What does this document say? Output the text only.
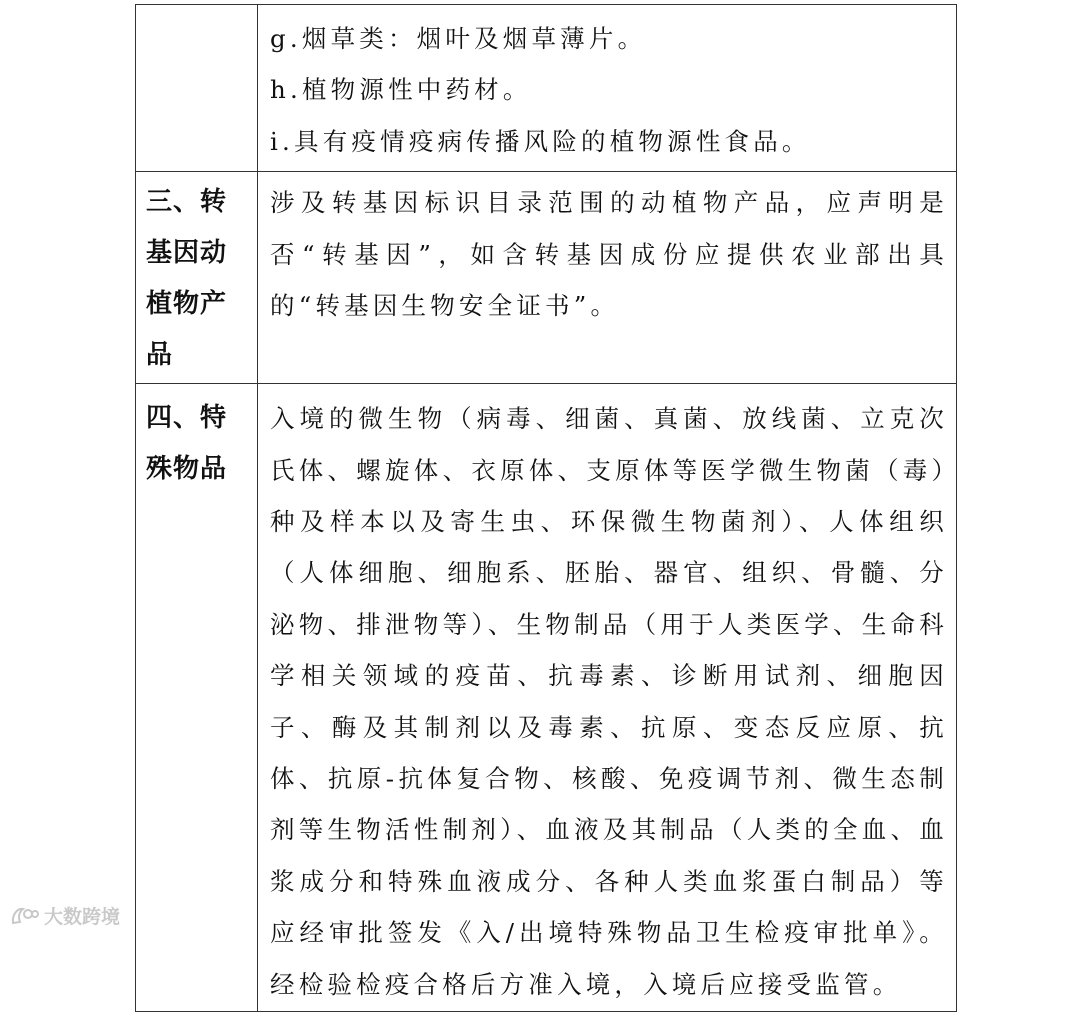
g.烟草类：烟叶及烟草薄片。

h.植物源性中药材。

i.具有疫情疫病传播风险的植物源性食品。

三、转基因动植物产品
涉及转基因标识目录范围的动植物产品，应声明是否“转基因”，如含转基因成份应提供农业部出具的“转基因生物安全证书”。
四、特殊物品
入境的微生物（病毒、细菌、真菌、放线菌、立克次氏体、螺旋体、衣原体、支原体等医学微生物菌（毒）种及样本以及寄生虫、环保微生物菌剂）、人体组织（人体细胞、细胞系、胚胎、器官、组织、骨髓、分泌物、排泄物等）、生物制品（用于人类医学、生命科学相关领域的疫苗、抗毒素、诊断用试剂、细胞因子、酶及其制剂以及毒素、抗原、变态反应原、抗体、抗原-抗体复合物、核酸、免疫调节剂、微生态制剂等生物活性制剂）、血液及其制品（人类的全血、血浆成分和特殊血液成分、各种人类血浆蛋白制品）等应经审批签发《入/出境特殊物品卫生检疫审批单》。经检验检疫合格后方准入境，入境后应接受监管。
大数跨境
